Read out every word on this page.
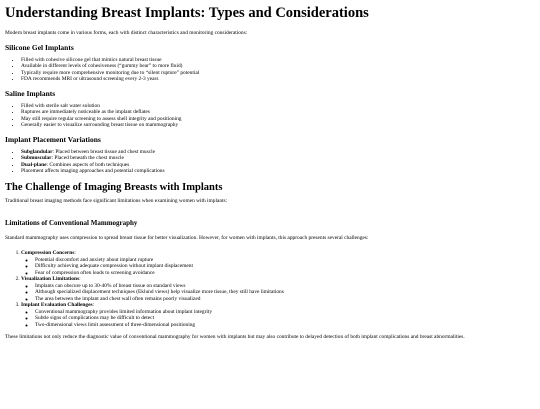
Understanding Breast Implants: Types and Considerations

Modern breast implants come in various forms, each with distinct characteristics and monitoring considerations:

Silicone Gel Implants
• Filled with cohesive silicone gel that mimics natural breast tissue
• Available in different levels of cohesiveness (“gummy bear” to more fluid)
• Typically require more comprehensive monitoring due to “silent rupture” potential
• FDA recommends MRI or ultrasound screening every 2-3 years
Saline Implants
• Filled with sterile salt water solution
• Ruptures are immediately noticeable as the implant deflates
• May still require regular screening to assess shell integrity and positioning
• Generally easier to visualize surrounding breast tissue on mammography
Implant Placement Variations
• Subglandular: Placed between breast tissue and chest muscle
• Submuscular: Placed beneath the chest muscle
• Dual-plane: Combines aspects of both techniques
• Placement affects imaging approaches and potential complications
The Challenge of Imaging Breasts with Implants

Traditional breast imaging methods face significant limitations when examining women with implants:

Limitations of Conventional Mammography

Standard mammography uses compression to spread breast tissue for better visualization. However, for women with implants, this approach presents several challenges:

1. Compression Concerns:
◦ Potential discomfort and anxiety about implant rupture
◦ Difficulty achieving adequate compression without implant displacement
◦ Fear of compression often leads to screening avoidance
2. Visualization Limitations:
◦ Implants can obscure up to 30-40% of breast tissue on standard views
◦ Although specialized displacement techniques (Eklund views) help visualize more tissue, they still have limitations
◦ The area between the implant and chest wall often remains poorly visualized
3. Implant Evaluation Challenges:
◦ Conventional mammography provides limited information about implant integrity
◦ Subtle signs of complications may be difficult to detect
◦ Two-dimensional views limit assessment of three-dimensional positioning

These limitations not only reduce the diagnostic value of conventional mammography for women with implants but may also contribute to delayed detection of both implant complications and breast abnormalities.
